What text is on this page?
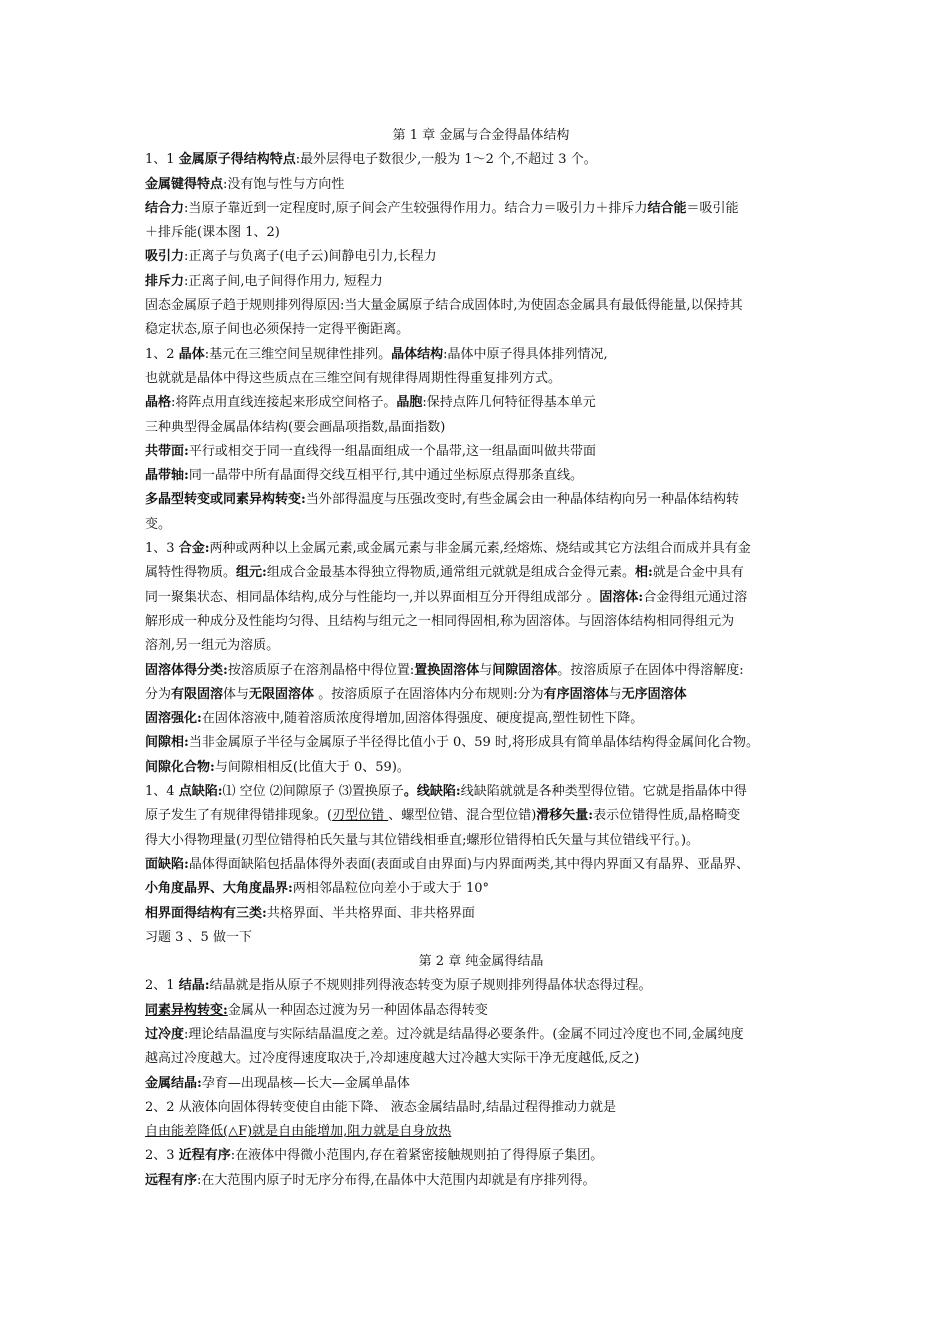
第 1 章 金属与合金得晶体结构
1、1 金属原子得结构特点:最外层得电子数很少,一般为 1～2 个,不超过 3 个。
金属键得特点:没有饱与性与方向性
结合力:当原子靠近到一定程度时,原子间会产生较强得作用力。结合力＝吸引力＋排斥力结合能＝吸引能
＋排斥能(课本图 1、2)
吸引力:正离子与负离子(电子云)间静电引力,长程力
排斥力:正离子间,电子间得作用力, 短程力
固态金属原子趋于规则排列得原因:当大量金属原子结合成固体时,为使固态金属具有最低得能量,以保持其
稳定状态,原子间也必须保持一定得平衡距离。
1、2 晶体:基元在三维空间呈规律性排列。晶体结构:晶体中原子得具体排列情况,
也就就是晶体中得这些质点在三维空间有规律得周期性得重复排列方式。
晶格:将阵点用直线连接起来形成空间格子。晶胞:保持点阵几何特征得基本单元
三种典型得金属晶体结构(要会画晶项指数,晶面指数)
共带面:平行或相交于同一直线得一组晶面组成一个晶带,这一组晶面叫做共带面
晶带轴:同一晶带中所有晶面得交线互相平行,其中通过坐标原点得那条直线。
多晶型转变或同素异构转变:当外部得温度与压强改变时,有些金属会由一种晶体结构向另一种晶体结构转
变。
1、3 合金:两种或两种以上金属元素,或金属元素与非金属元素,经熔炼、烧结或其它方法组合而成并具有金
属特性得物质。组元:组成合金最基本得独立得物质,通常组元就就是组成合金得元素。相:就是合金中具有
同一聚集状态、相同晶体结构,成分与性能均一,并以界面相互分开得组成部分 。固溶体:合金得组元通过溶
解形成一种成分及性能均匀得、且结构与组元之一相同得固相,称为固溶体。与固溶体结构相同得组元为
溶剂,另一组元为溶质。
固溶体得分类:按溶质原子在溶剂晶格中得位置:置换固溶体与间隙固溶体。按溶质原子在固体中得溶解度:
分为有限固溶体与无限固溶体 。按溶质原子在固溶体内分布规则:分为有序固溶体与无序固溶体
固溶强化:在固体溶液中,随着溶质浓度得增加,固溶体得强度、硬度提高,塑性韧性下降。
间隙相:当非金属原子半径与金属原子半径得比值小于 0、59 时,将形成具有简单晶体结构得金属间化合物。
间隙化合物:与间隙相相反(比值大于 0、59)。
1、4 点缺陷:⑴ 空位 ⑵间隙原子 ⑶置换原子。线缺陷:线缺陷就就是各种类型得位错。它就是指晶体中得
原子发生了有规律得错排现象。(刃型位错 、螺型位错、混合型位错)滑移矢量:表示位错得性质,晶格畸变
得大小得物理量(刃型位错得柏氏矢量与其位错线相垂直;螺形位错得柏氏矢量与其位错线平行。)。
面缺陷:晶体得面缺陷包括晶体得外表面(表面或自由界面)与内界面两类,其中得内界面又有晶界、亚晶界、
小角度晶界、大角度晶界:两相邻晶粒位向差小于或大于 10°
相界面得结构有三类:共格界面、半共格界面、非共格界面
习题 3 、5 做一下
第 2 章 纯金属得结晶
2、1 结晶:结晶就是指从原子不规则排列得液态转变为原子规则排列得晶体状态得过程。
同素异构转变:金属从一种固态过渡为另一种固体晶态得转变
过冷度:理论结晶温度与实际结晶温度之差。过冷就是结晶得必要条件。(金属不同过冷度也不同,金属纯度
越高过冷度越大。过冷度得速度取决于,冷却速度越大过冷越大实际干净无度越低,反之)
金属结晶:孕育—出现晶核—长大—金属单晶体
2、2 从液体向固体得转变使自由能下降、 液态金属结晶时,结晶过程得推动力就是
自由能差降低(△F)就是自由能增加,阻力就是自身放热
2、3 近程有序:在液体中得微小范围内,存在着紧密接触规则拍了得得原子集团。
远程有序:在大范围内原子时无序分布得,在晶体中大范围内却就是有序排列得。
